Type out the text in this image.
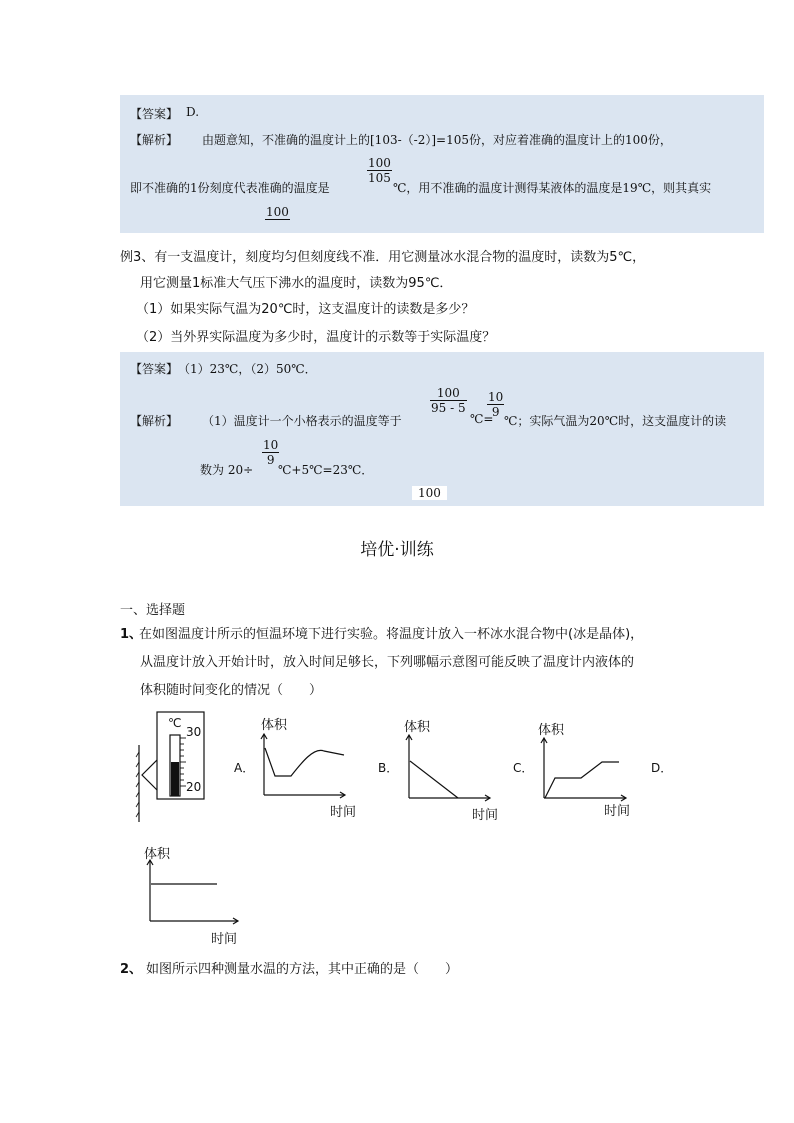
【答案】 D.
【解析】 由题意知，不准确的温度计上的[103-（-2）]=105份，对应着准确的温度计上的100份，
即不准确的1份刻度代表准确的温度是
$\frac{100}{105}$
℃，用不准确的温度计测得某液体的温度是19℃，则其真实
100
例3、有一支温度计，刻度均匀但刻度线不准．用它测量冰水混合物的温度时，读数为5℃，
用它测量1标准大气压下沸水的温度时，读数为95℃．
（1）如果实际气温为20℃时，这支温度计的读数是多少？
（2）当外界实际温度为多少时，温度计的示数等于实际温度？
【答案】 （1）23℃，（2）50℃．
【解析】 （1）温度计一个小格表示的温度等于
$\frac{100}{95 - 5}$
℃=
$\frac{10}{9}$
℃；实际气温为20℃时，这支温度计的读
数为 20÷
$\frac{10}{9}$
℃+5℃=23℃．
100
培优·训练
一、选择题
1、
在如图温度计所示的恒温环境下进行实验。将温度计放入一杯冰水混合物中(冰是晶体)，
从温度计放入开始计时，放入时间足够长，下列哪幅示意图可能反映了温度计内液体的
体积随时间变化的情况（　　）
℃
30
20
体积
时间
A．
体积
时间
B．
体积
时间
C．	D．
体积
时间
2、 如图所示四种测量水温的方法，其中正确的是（　　）
